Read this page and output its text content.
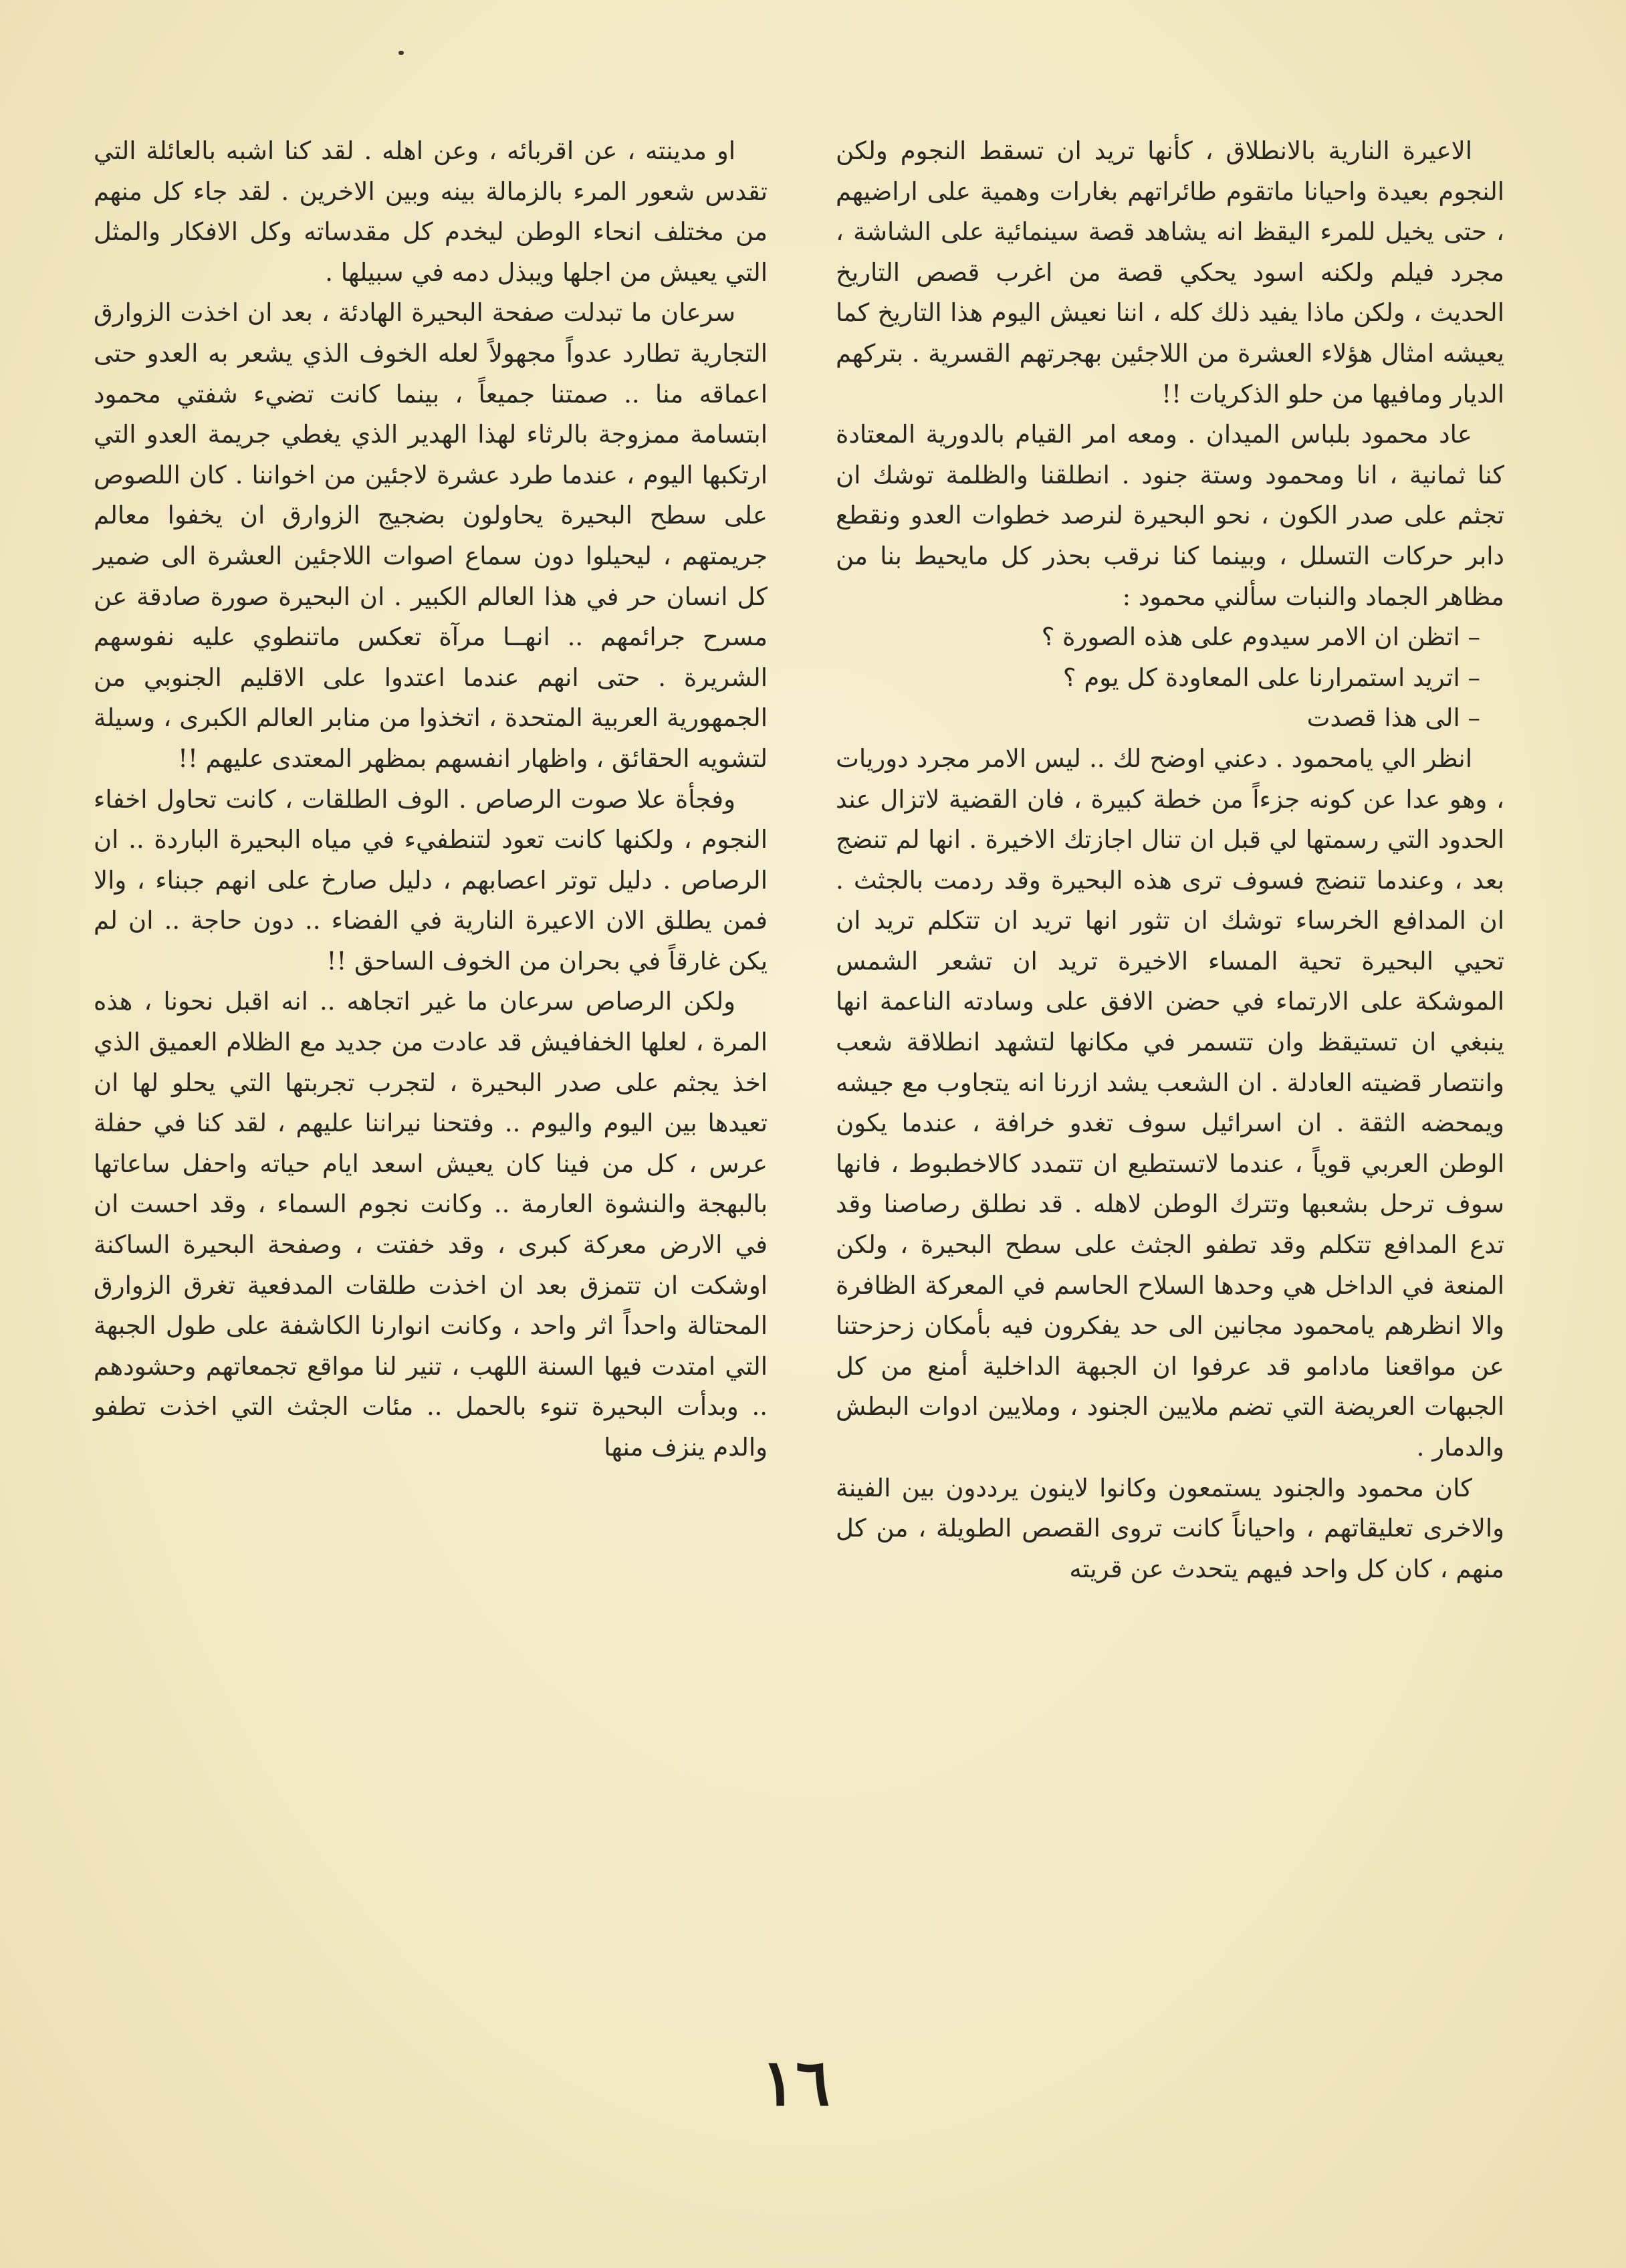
الاعيرة النارية بالانطلاق ، كأنها تريد ان تسقط النجوم ولكن النجوم بعيدة واحيانا ماتقوم طائراتهم بغارات وهمية على اراضيهم ، حتى يخيل للمرء اليقظ انه يشاهد قصة سينمائية على الشاشة ، مجرد فيلم ولكنه اسود يحكي قصة من اغرب قصص التاريخ الحديث ، ولكن ماذا يفيد ذلك كله ، اننا نعيش اليوم هذا التاريخ كما يعيشه امثال هؤلاء العشرة من اللاجئين بهجرتهم القسرية . بتركهم الديار ومافيها من حلو الذكريات !!

عاد محمود بلباس الميدان . ومعه امر القيام بالدورية المعتادة كنا ثمانية ، انا ومحمود وستة جنود . انطلقنا والظلمة توشك ان تجثم على صدر الكون ، نحو البحيرة لنرصد خطوات العدو ونقطع دابر حركات التسلل ، وبينما كنا نرقب بحذر كل مايحيط بنا من مظاهر الجماد والنبات سألني محمود :

– اتظن ان الامر سيدوم على هذه الصورة ؟

– اتريد استمرارنا على المعاودة كل يوم ؟

– الى هذا قصدت

انظر الي يامحمود . دعني اوضح لك .. ليس الامر مجرد دوريات ، وهو عدا عن كونه جزءاً من خطة كبيرة ، فان القضية لاتزال عند الحدود التي رسمتها لي قبل ان تنال اجازتك الاخيرة . انها لم تنضج بعد ، وعندما تنضج فسوف ترى هذه البحيرة وقد ردمت بالجثث . ان المدافع الخرساء توشك ان تثور انها تريد ان تتكلم تريد ان تحيي البحيرة تحية المساء الاخيرة تريد ان تشعر الشمس الموشكة على الارتماء في حضن الافق على وسادته الناعمة انها ينبغي ان تستيقظ وان تتسمر في مكانها لتشهد انطلاقة شعب وانتصار قضيته العادلة . ان الشعب يشد ازرنا انه يتجاوب مع جيشه ويمحضه الثقة . ان اسرائيل سوف تغدو خرافة ، عندما يكون الوطن العربي قوياً ، عندما لاتستطيع ان تتمدد كالاخطبوط ، فانها سوف ترحل بشعبها وتترك الوطن لاهله . قد نطلق رصاصنا وقد تدع المدافع تتكلم وقد تطفو الجثث على سطح البحيرة ، ولكن المنعة في الداخل هي وحدها السلاح الحاسم في المعركة الظافرة والا انظرهم يامحمود مجانين الى حد يفكرون فيه بأمكان زحزحتنا عن مواقعنا مادامو قد عرفوا ان الجبهة الداخلية أمنع من كل الجبهات العريضة التي تضم ملايين الجنود ، وملايين ادوات البطش والدمار .

كان محمود والجنود يستمعون وكانوا لاينون يرددون بين الفينة والاخرى تعليقاتهم ، واحياناً كانت تروى القصص الطويلة ، من كل منهم ، كان كل واحد فيهم يتحدث عن قريته

او مدينته ، عن اقربائه ، وعن اهله . لقد كنا اشبه بالعائلة التي تقدس شعور المرء بالزمالة بينه وبين الاخرين . لقد جاء كل منهم من مختلف انحاء الوطن ليخدم كل مقدساته وكل الافكار والمثل التي يعيش من اجلها ويبذل دمه في سبيلها .

سرعان ما تبدلت صفحة البحيرة الهادئة ، بعد ان اخذت الزوارق التجارية تطارد عدواً مجهولاً لعله الخوف الذي يشعر به العدو حتى اعماقه منا .. صمتنا جميعاً ، بينما كانت تضيء شفتي محمود ابتسامة ممزوجة بالرثاء لهذا الهدير الذي يغطي جريمة العدو التي ارتكبها اليوم ، عندما طرد عشرة لاجئين من اخواننا . كان اللصوص على سطح البحيرة يحاولون بضجيج الزوارق ان يخفوا معالم جريمتهم ، ليحيلوا دون سماع اصوات اللاجئين العشرة الى ضمير كل انسان حر في هذا العالم الكبير . ان البحيرة صورة صادقة عن مسرح جرائمهم .. انهــا مرآة تعكس ماتنطوي عليه نفوسهم الشريرة . حتى انهم عندما اعتدوا على الاقليم الجنوبي من الجمهورية العربية المتحدة ، اتخذوا من منابر العالم الكبرى ، وسيلة لتشويه الحقائق ، واظهار انفسهم بمظهر المعتدى عليهم !!

وفجأة علا صوت الرصاص . الوف الطلقات ، كانت تحاول اخفاء النجوم ، ولكنها كانت تعود لتنطفيء في مياه البحيرة الباردة .. ان الرصاص . دليل توتر اعصابهم ، دليل صارخ على انهم جبناء ، والا فمن يطلق الان الاعيرة النارية في الفضاء .. دون حاجة .. ان لم يكن غارقاً في بحران من الخوف الساحق !!

ولكن الرصاص سرعان ما غير اتجاهه .. انه اقبل نحونا ، هذه المرة ، لعلها الخفافيش قد عادت من جديد مع الظلام العميق الذي اخذ يجثم على صدر البحيرة ، لتجرب تجربتها التي يحلو لها ان تعيدها بين اليوم واليوم .. وفتحنا نيراننا عليهم ، لقد كنا في حفلة عرس ، كل من فينا كان يعيش اسعد ايام حياته واحفل ساعاتها بالبهجة والنشوة العارمة .. وكانت نجوم السماء ، وقد احست ان في الارض معركة كبرى ، وقد خفتت ، وصفحة البحيرة الساكنة اوشكت ان تتمزق بعد ان اخذت طلقات المدفعية تغرق الزوارق المحتالة واحداً اثر واحد ، وكانت انوارنا الكاشفة على طول الجبهة التي امتدت فيها السنة اللهب ، تنير لنا مواقع تجمعاتهم وحشودهم .. وبدأت البحيرة تنوء بالحمل .. مئات الجثث التي اخذت تطفو والدم ينزف منها

١٦
